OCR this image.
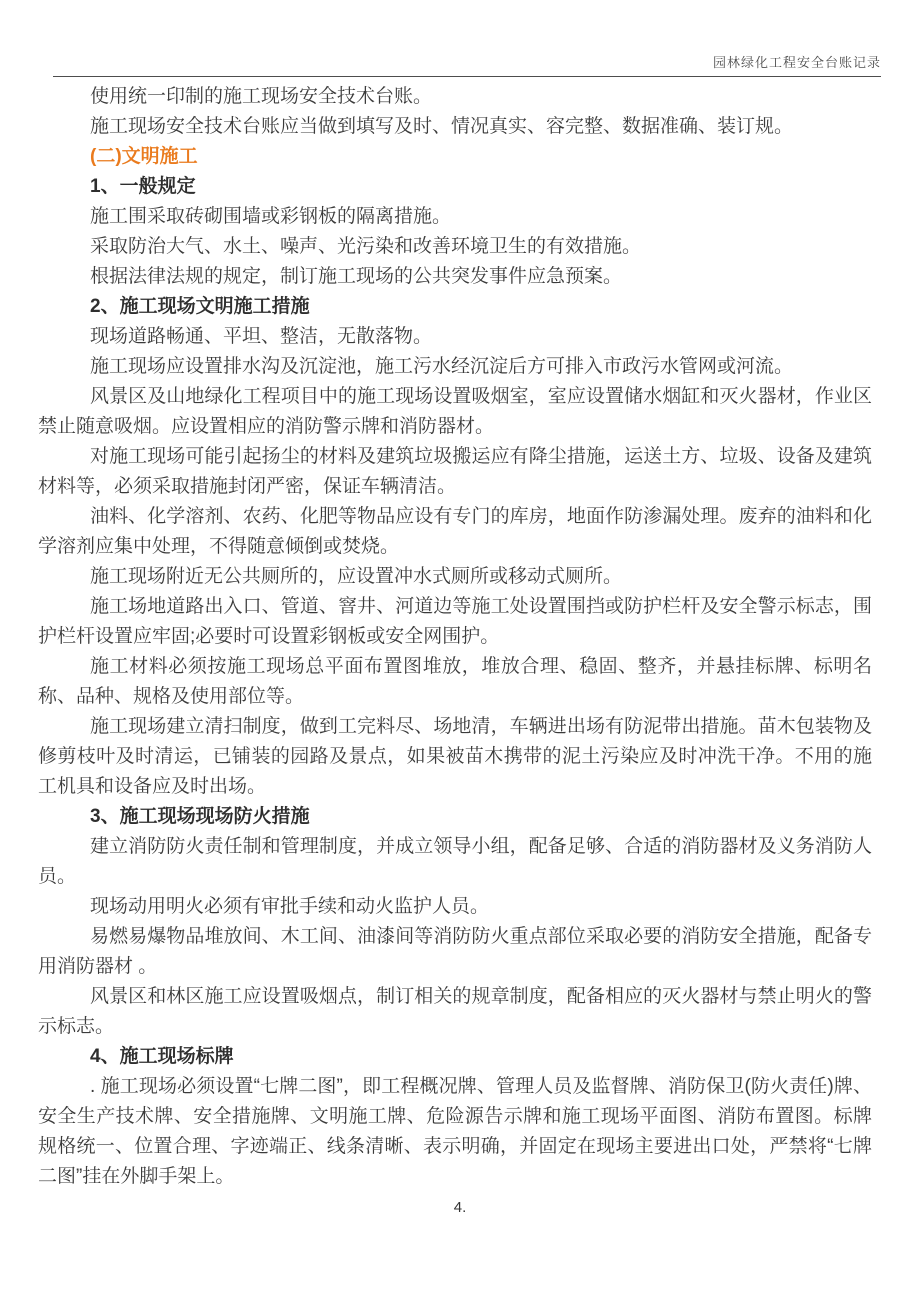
园林绿化工程安全台账记录

使用统一印制的施工现场安全技术台账。

施工现场安全技术台账应当做到填写及时、情况真实、容完整、数据准确、装订规。

(二)文明施工

1、一般规定

施工围采取砖砌围墙或彩钢板的隔离措施。

采取防治大气、水土、噪声、光污染和改善环境卫生的有效措施。

根据法律法规的规定，制订施工现场的公共突发事件应急预案。

2、施工现场文明施工措施

现场道路畅通、平坦、整洁，无散落物。

施工现场应设置排水沟及沉淀池，施工污水经沉淀后方可排入市政污水管网或河流。

风景区及山地绿化工程项目中的施工现场设置吸烟室，室应设置储水烟缸和灭火器材，作业区禁止随意吸烟。应设置相应的消防警示牌和消防器材。

对施工现场可能引起扬尘的材料及建筑垃圾搬运应有降尘措施，运送土方、垃圾、设备及建筑材料等，必须采取措施封闭严密，保证车辆清洁。

油料、化学溶剂、农药、化肥等物品应设有专门的库房，地面作防渗漏处理。废弃的油料和化学溶剂应集中处理，不得随意倾倒或焚烧。

施工现场附近无公共厕所的，应设置冲水式厕所或移动式厕所。

施工场地道路出入口、管道、窨井、河道边等施工处设置围挡或防护栏杆及安全警示标志，围护栏杆设置应牢固;必要时可设置彩钢板或安全网围护。

施工材料必须按施工现场总平面布置图堆放，堆放合理、稳固、整齐，并悬挂标牌、标明名称、品种、规格及使用部位等。

施工现场建立清扫制度，做到工完料尽、场地清，车辆进出场有防泥带出措施。苗木包装物及修剪枝叶及时清运，已铺装的园路及景点，如果被苗木携带的泥土污染应及时冲洗干净。不用的施工机具和设备应及时出场。

3、施工现场现场防火措施

建立消防防火责任制和管理制度，并成立领导小组，配备足够、合适的消防器材及义务消防人员。

现场动用明火必须有审批手续和动火监护人员。

易燃易爆物品堆放间、木工间、油漆间等消防防火重点部位采取必要的消防安全措施，配备专用消防器材 。

风景区和林区施工应设置吸烟点，制订相关的规章制度，配备相应的灭火器材与禁止明火的警示标志。

4、施工现场标牌

. 施工现场必须设置“七牌二图”，即工程概况牌、管理人员及监督牌、消防保卫(防火责任)牌、安全生产技术牌、安全措施牌、文明施工牌、危险源告示牌和施工现场平面图、消防布置图。标牌规格统一、位置合理、字迹端正、线条清晰、表示明确，并固定在现场主要进出口处，严禁将“七牌二图”挂在外脚手架上。

4.
